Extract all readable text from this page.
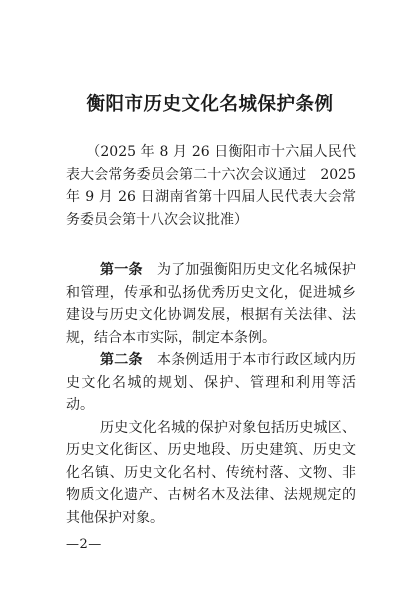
衡阳市历史文化名城保护条例
（2025 年 8 月 26 日衡阳市十六届人民代表大会常务委员会第二十六次会议通过　2025 年 9 月 26 日湖南省第十四届人民代表大会常务委员会第十八次会议批准）

第一条 为了加强衡阳历史文化名城保护和管理，传承和弘扬优秀历史文化，促进城乡建设与历史文化协调发展，根据有关法律、法规，结合本市实际，制定本条例。

第二条 本条例适用于本市行政区域内历史文化名城的规划、保护、管理和利用等活动。

历史文化名城的保护对象包括历史城区、历史文化街区、历史地段、历史建筑、历史文化名镇、历史文化名村、传统村落、文物、非物质文化遗产、古树名木及法律、法规规定的其他保护对象。

—2—
